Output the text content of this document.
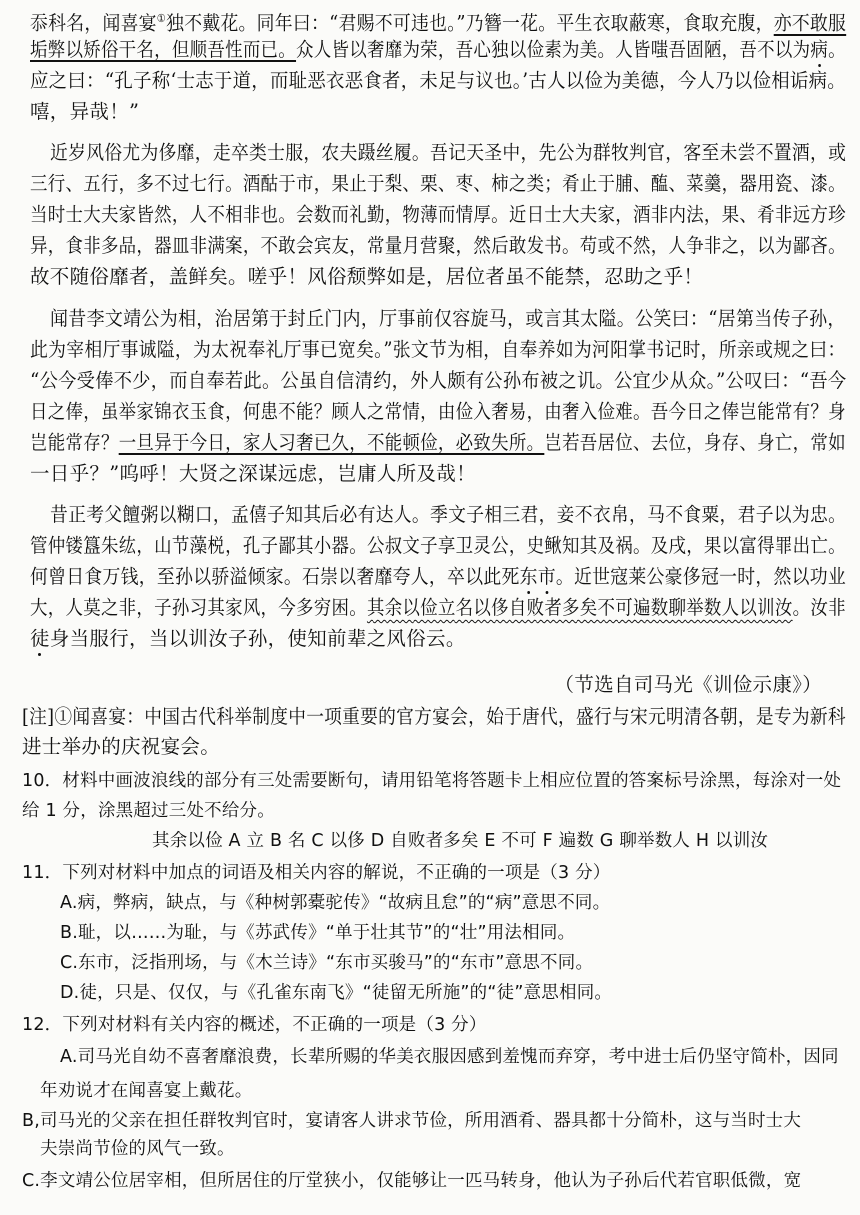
忝科名，闻喜宴①独不戴花。同年曰：“君赐不可违也。”乃簪一花。平生衣取蔽寒，食取充腹，亦不敢服
垢弊以矫俗干名，但顺吾性而已。众人皆以奢靡为荣，吾心独以俭素为美。人皆嗤吾固陋，吾不以为病。
应之曰：“孔子称‘士志于道，而耻恶衣恶食者，未足与议也。’古人以俭为美德，今人乃以俭相诟病。
嘻，异哉！”
近岁风俗尤为侈靡，走卒类士服，农夫蹑丝履。吾记天圣中，先公为群牧判官，客至未尝不置酒，或
三行、五行，多不过七行。酒酤于市，果止于梨、栗、枣、柿之类；肴止于脯、醢、菜羹，器用瓷、漆。
当时士大夫家皆然，人不相非也。会数而礼勤，物薄而情厚。近日士大夫家，酒非内法，果、肴非远方珍
异，食非多品，器皿非满案，不敢会宾友，常量月营聚，然后敢发书。苟或不然，人争非之，以为鄙吝。
故不随俗靡者，盖鲜矣。嗟乎！风俗颓弊如是，居位者虽不能禁，忍助之乎！
闻昔李文靖公为相，治居第于封丘门内，厅事前仅容旋马，或言其太隘。公笑曰：“居第当传子孙，
此为宰相厅事诚隘，为太祝奉礼厅事已宽矣。”张文节为相，自奉养如为河阳掌书记时，所亲或规之曰：
“公今受俸不少，而自奉若此。公虽自信清约，外人颇有公孙布被之讥。公宜少从众。”公叹曰：“吾今
日之俸，虽举家锦衣玉食，何患不能？顾人之常情，由俭入奢易，由奢入俭难。吾今日之俸岂能常有？身
岂能常存？一旦异于今日，家人习奢已久，不能顿俭，必致失所。岂若吾居位、去位，身存、身亡，常如
一日乎？”呜呼！大贤之深谋远虑，岂庸人所及哉！
昔正考父饘粥以糊口，孟僖子知其后必有达人。季文子相三君，妾不衣帛，马不食粟，君子以为忠。
管仲镂簋朱纮，山节藻棁，孔子鄙其小器。公叔文子享卫灵公，史鳅知其及祸。及戌，果以富得罪出亡。
何曾日食万钱，至孙以骄溢倾家。石崇以奢靡夸人，卒以此死东市。近世寇莱公豪侈冠一时，然以功业
大，人莫之非，子孙习其家风，今多穷困。其余以俭立名以侈自败者多矣不可遍数聊举数人以训汝。汝非
徒身当服行，当以训汝子孙，使知前辈之风俗云。
（节选自司马光《训俭示康》）
[注]①闻喜宴：中国古代科举制度中一项重要的官方宴会，始于唐代，盛行与宋元明清各朝，是专为新科
进士举办的庆祝宴会。
10．材料中画波浪线的部分有三处需要断句，请用铅笔将答题卡上相应位置的答案标号涂黑，每涂对一处
给 1 分，涂黑超过三处不给分。
其余以俭 A 立 B 名 C 以侈 D 自败者多矣 E 不可 F 遍数 G 聊举数人 H 以训汝
11．下列对材料中加点的词语及相关内容的解说，不正确的一项是（3 分）
A.病，弊病，缺点，与《种树郭橐驼传》“故病且怠”的“病”意思不同。
B.耻，以……为耻，与《苏武传》“单于壮其节”的“壮”用法相同。
C.东市，泛指刑场，与《木兰诗》“东市买骏马”的“东市”意思不同。
D.徒，只是、仅仅，与《孔雀东南飞》“徒留无所施”的“徒”意思相同。
12．下列对材料有关内容的概述，不正确的一项是（3 分）
A.司马光自幼不喜奢靡浪费，长辈所赐的华美衣服因感到羞愧而弃穿，考中进士后仍坚守简朴，因同
年劝说才在闻喜宴上戴花。
B,司马光的父亲在担任群牧判官时，宴请客人讲求节俭，所用酒肴、器具都十分简朴，这与当时士大
夫崇尚节俭的风气一致。
C.李文靖公位居宰相，但所居住的厅堂狭小，仅能够让一匹马转身，他认为子孙后代若官职低微，宽
